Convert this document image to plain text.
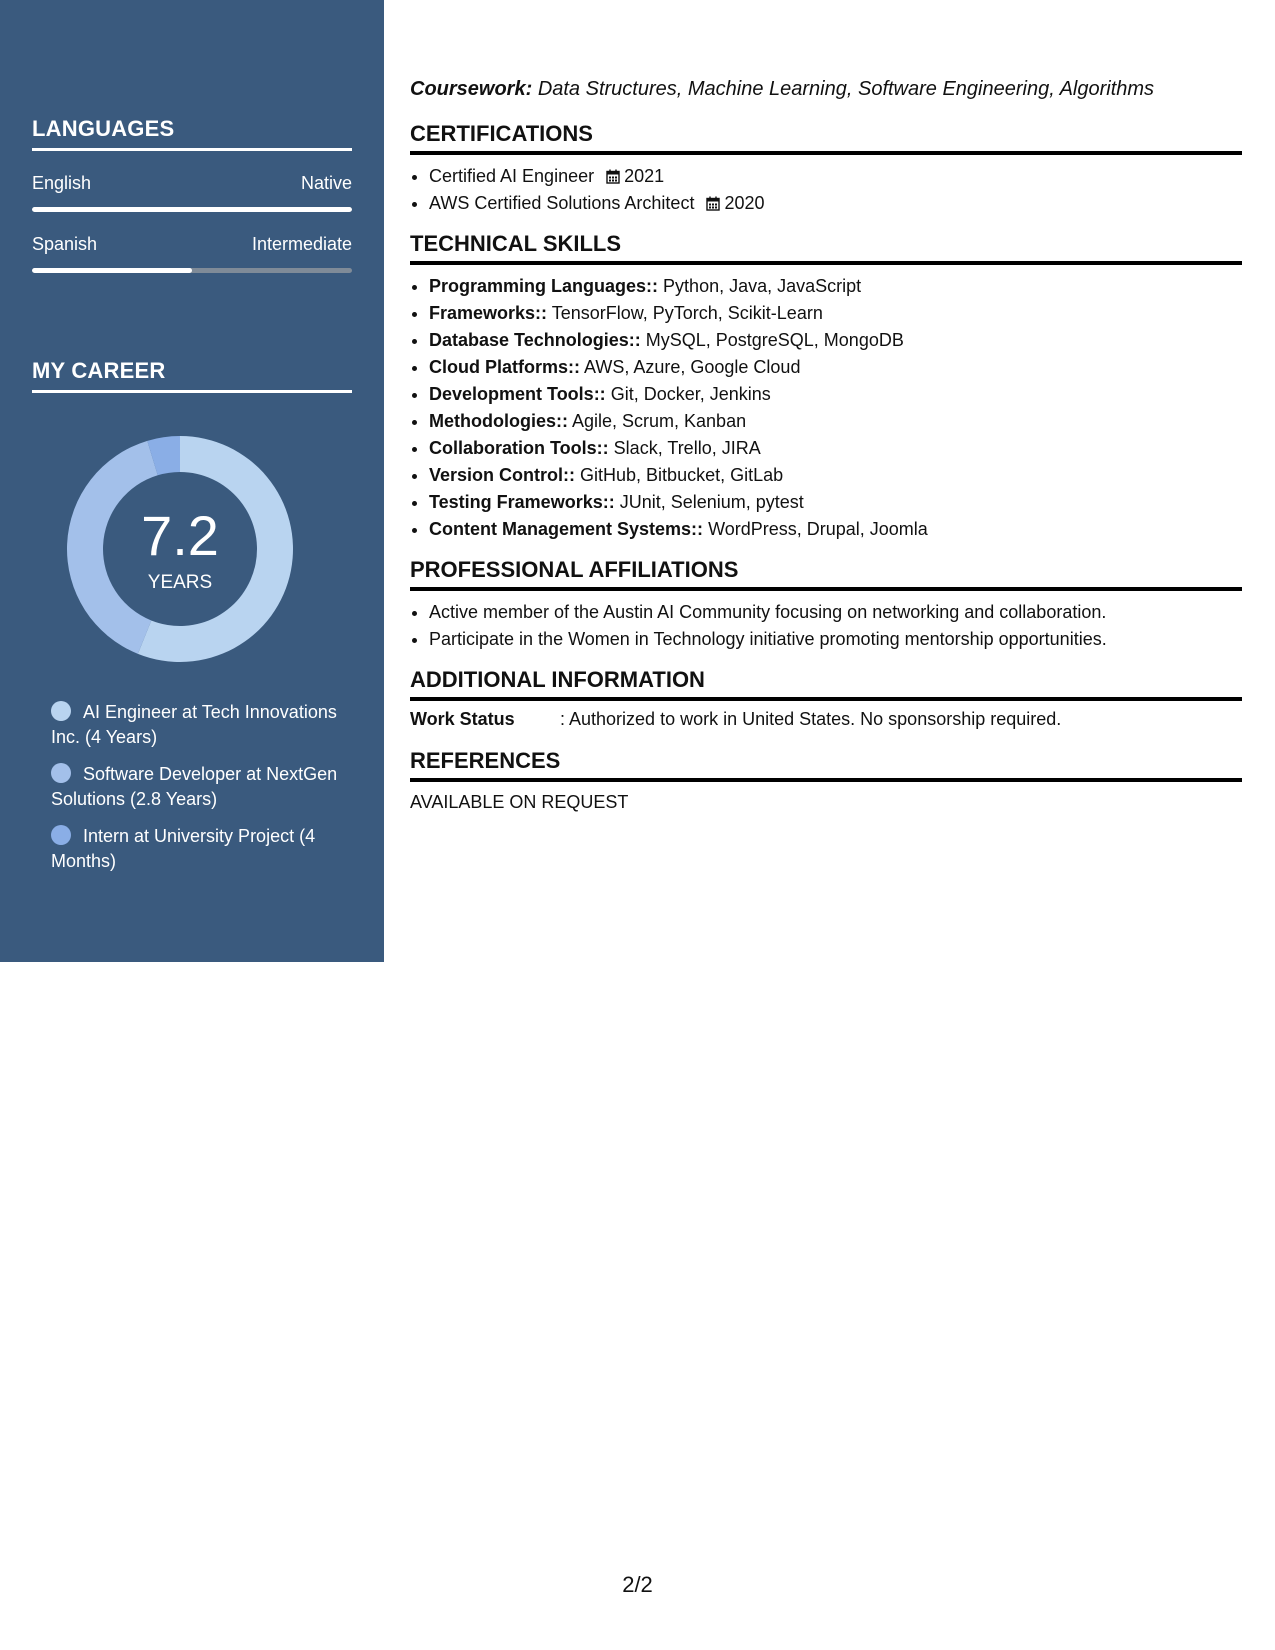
LANGUAGES
English	Native
Spanish	Intermediate
MY CAREER
7.2
YEARS
AI Engineer at Tech Innovations Inc. (4 Years)
Software Developer at NextGen Solutions (2.8 Years)
Intern at University Project (4 Months)

Coursework: Data Structures, Machine Learning, Software Engineering, Algorithms

CERTIFICATIONS
• Certified AI Engineer 2021
• AWS Certified Solutions Architect 2020
TECHNICAL SKILLS
• Programming Languages:: Python, Java, JavaScript
• Frameworks:: TensorFlow, PyTorch, Scikit-Learn
• Database Technologies:: MySQL, PostgreSQL, MongoDB
• Cloud Platforms:: AWS, Azure, Google Cloud
• Development Tools:: Git, Docker, Jenkins
• Methodologies:: Agile, Scrum, Kanban
• Collaboration Tools:: Slack, Trello, JIRA
• Version Control:: GitHub, Bitbucket, GitLab
• Testing Frameworks:: JUnit, Selenium, pytest
• Content Management Systems:: WordPress, Drupal, Joomla
PROFESSIONAL AFFILIATIONS
• Active member of the Austin AI Community focusing on networking and collaboration.
• Participate in the Women in Technology initiative promoting mentorship opportunities.
ADDITIONAL INFORMATION
Work Status	: Authorized to work in United States. No sponsorship required.
REFERENCES

AVAILABLE ON REQUEST

2/2
